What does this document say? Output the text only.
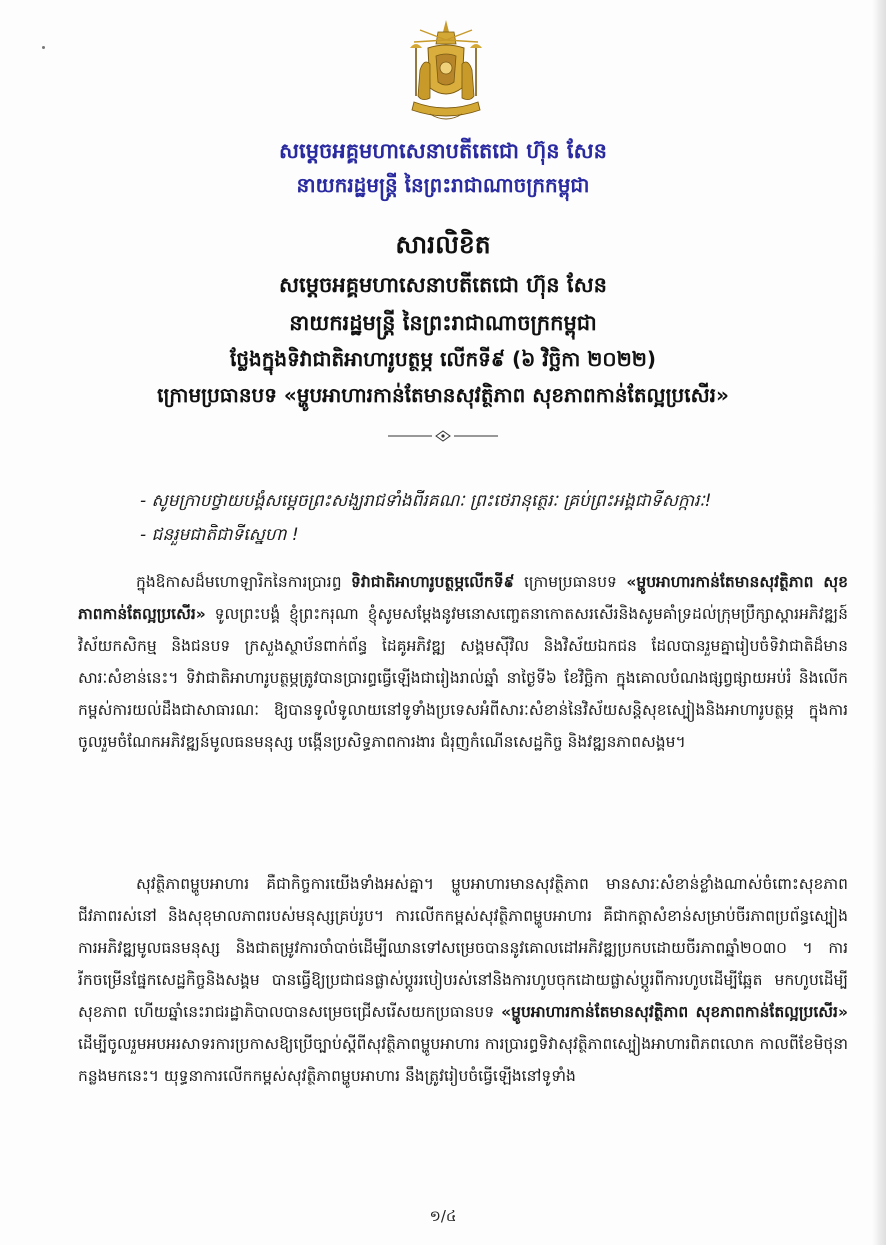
សម្ដេចអគ្គមហាសេនាបតីតេជោ ហ៊ុន សែន
នាយករដ្ឋមន្ត្រី នៃព្រះរាជាណាចក្រកម្ពុជា
សារលិខិត
សម្ដេចអគ្គមហាសេនាបតីតេជោ ហ៊ុន សែន
នាយករដ្ឋមន្ត្រី នៃព្រះរាជាណាចក្រកម្ពុជា
ថ្លែងក្នុងទិវាជាតិអាហារូបត្ថម្ភ លើកទី៩ (៦ វិច្ឆិកា ២០២២)
ក្រោមប្រធានបទ «ម្ហូបអាហារកាន់តែមានសុវត្ថិភាព សុខភាពកាន់តែល្អប្រសើរ»
- សូមក្រាបថ្វាយបង្គំសម្ដេចព្រះសង្ឃរាជទាំងពីរគណៈ ព្រះថេរានុត្ថេរៈ គ្រប់ព្រះអង្គជាទីសក្ការៈ!
- ជនរួមជាតិជាទីស្នេហា !
ក្នុងឱកាសដ៏មហោឡារិកនៃការប្រារព្ធ ទិវាជាតិអាហារូបត្ថម្ភលើកទី៩ ក្រោមប្រធានបទ «ម្ហូបអាហារកាន់តែមានសុវត្ថិភាព សុខភាពកាន់តែល្អប្រសើរ» ទូលព្រះបង្គំ ខ្ញុំព្រះករុណា ខ្ញុំសូមសម្ដែងនូវមនោសញ្ចេតនាកោតសរសើរនិងសូមគាំទ្រដល់ក្រុមប្រឹក្សាស្ដារអភិវឌ្ឍន៍វិស័យកសិកម្ម និងជនបទ ក្រសួងស្ថាប័នពាក់ព័ន្ធ ដៃគូអភិវឌ្ឍ សង្គមស៊ីវិល និងវិស័យឯកជន ដែលបានរួមគ្នារៀបចំទិវាជាតិដ៏មានសារៈសំខាន់នេះ។ ទិវាជាតិអាហារូបត្ថម្ភត្រូវបានប្រារព្ធធ្វើឡើងជារៀងរាល់ឆ្នាំ នាថ្ងៃទី៦ ខែវិច្ឆិកា ក្នុងគោលបំណងផ្សព្វផ្សាយអប់រំ និងលើកកម្ពស់ការយល់ដឹងជាសាធារណៈ ឱ្យបានទូលំទូលាយនៅទូទាំងប្រទេសអំពីសារៈសំខាន់នៃវិស័យសន្តិសុខស្បៀងនិងអាហារូបត្ថម្ភ ក្នុងការចូលរួមចំណែកអភិវឌ្ឍន៍មូលធនមនុស្ស បង្កើនប្រសិទ្ធភាពការងារ ជំរុញកំណើនសេដ្ឋកិច្ច និងវឌ្ឍនភាពសង្គម។
សុវត្ថិភាពម្ហូបអាហារ គឺជាកិច្ចការយើងទាំងអស់គ្នា។ ម្ហូបអាហារមានសុវត្ថិភាព មានសារៈសំខាន់ខ្លាំងណាស់ចំពោះសុខភាព ជីវភាពរស់នៅ និងសុខុមាលភាពរបស់មនុស្សគ្រប់រូប។ ការលើកកម្ពស់សុវត្ថិភាពម្ហូបអាហារ គឺជាកត្តាសំខាន់សម្រាប់ចីរភាពប្រព័ន្ធស្បៀង ការអភិវឌ្ឍមូលធនមនុស្ស និងជាតម្រូវការចាំបាច់ដើម្បីឈានទៅសម្រេចបាននូវគោលដៅអភិវឌ្ឍប្រកបដោយចីរភាពឆ្នាំ២០៣០ ។ ការរីកចម្រើនផ្នែកសេដ្ឋកិច្ចនិងសង្គម បានធ្វើឱ្យប្រជាជនផ្លាស់ប្ដូររបៀបរស់នៅនិងការហូបចុកដោយផ្លាស់ប្ដូរពីការហូបដើម្បីឆ្អែត មកហូបដើម្បីសុខភាព ហើយឆ្នាំនេះរាជរដ្ឋាភិបាលបានសម្រេចជ្រើសរើសយកប្រធានបទ «ម្ហូបអាហារកាន់តែមានសុវត្ថិភាព សុខភាពកាន់តែល្អប្រសើរ» ដើម្បីចូលរួមអបអរសាទរការប្រកាសឱ្យប្រើច្បាប់ស្ដីពីសុវត្ថិភាពម្ហូបអាហារ ការប្រារព្ធទិវាសុវត្ថិភាពស្បៀងអាហារពិភពលោក កាលពីខែមិថុនាកន្លងមកនេះ។ យុទ្ធនាការលើកកម្ពស់សុវត្ថិភាពម្ហូបអាហារ នឹងត្រូវរៀបចំធ្វើឡើងនៅទូទាំង
១/៤
